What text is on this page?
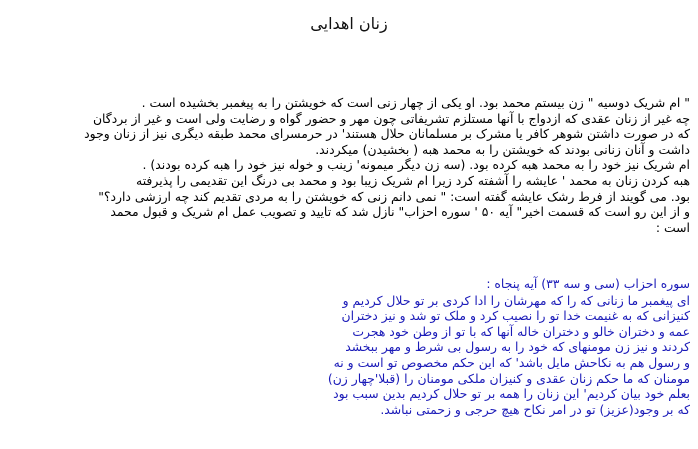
زنان اهدایی
" ام شریک دوسیه " زن بیستم محمد بود. او یکی از چهار زنی است که خویشتن را به پیغمبر بخشیده است .
چه غیر از زنان عقدی که ازدواج با آنها مستلزم تشریفاتی چون مهر و حضور گواه و رضایت ولی است و غیر از بردگان
که در صورت داشتن شوهر کافر یا مشرک بر مسلمانان حلال هستند' در حرمسرای محمد طبقه دیگری نیز از زنان وجود
داشت و آنان زنانی بودند که خویشتن را به محمد هبه ( بخشیدن) میکردند.
ام شریک نیز خود را به محمد هبه کرده بود. (سه زن دیگر میمونه' زینب و خوله نیز خود را هبه کرده بودند) .
هبه کردن زنان به محمد ' عایشه را آشفته کرد زیرا ام شریک زیبا بود و محمد بی درنگ این تقدیمی را پذیرفته
بود. می گویند از فرط رشک عایشه گفته است: " نمی دانم زنی که خویشتن را به مردی تقدیم کند چه ارزشی دارد؟"
و از این رو است که قسمت اخیر" آیه ۵۰ ' سوره احزاب" نازل شد که تایید و تصویب عمل ام شریک و قبول محمد
است :
سوره احزاب (سی و سه ۳۳) آیه پنجاه :
ای پیغمبر ما زنانی که را که مهرشان را ادا کردی بر تو حلال کردیم و
کنیزانی که به غنیمت خدا تو را نصیب کرد و ملک تو شد و نیز دختران
عمه و دختران خالو و دختران خاله آنها که با تو از وطن خود هجرت
کردند و نیز زن مومنهای که خود را به رسول بی شرط و مهر ببخشد
و رسول هم به نکاحش مایل باشد' که این حکم مخصوص تو است و نه
مومنان که ما حکم زنان عقدی و کنیزان ملکی مومنان را (قبلا'چهار زن)
بعلم خود بیان کردیم' این زنان را همه بر تو حلال کردیم بدین سبب بود
که بر وجود(عزیز) تو در امر نکاح هیچ حرجی و زحمتی نباشد.
